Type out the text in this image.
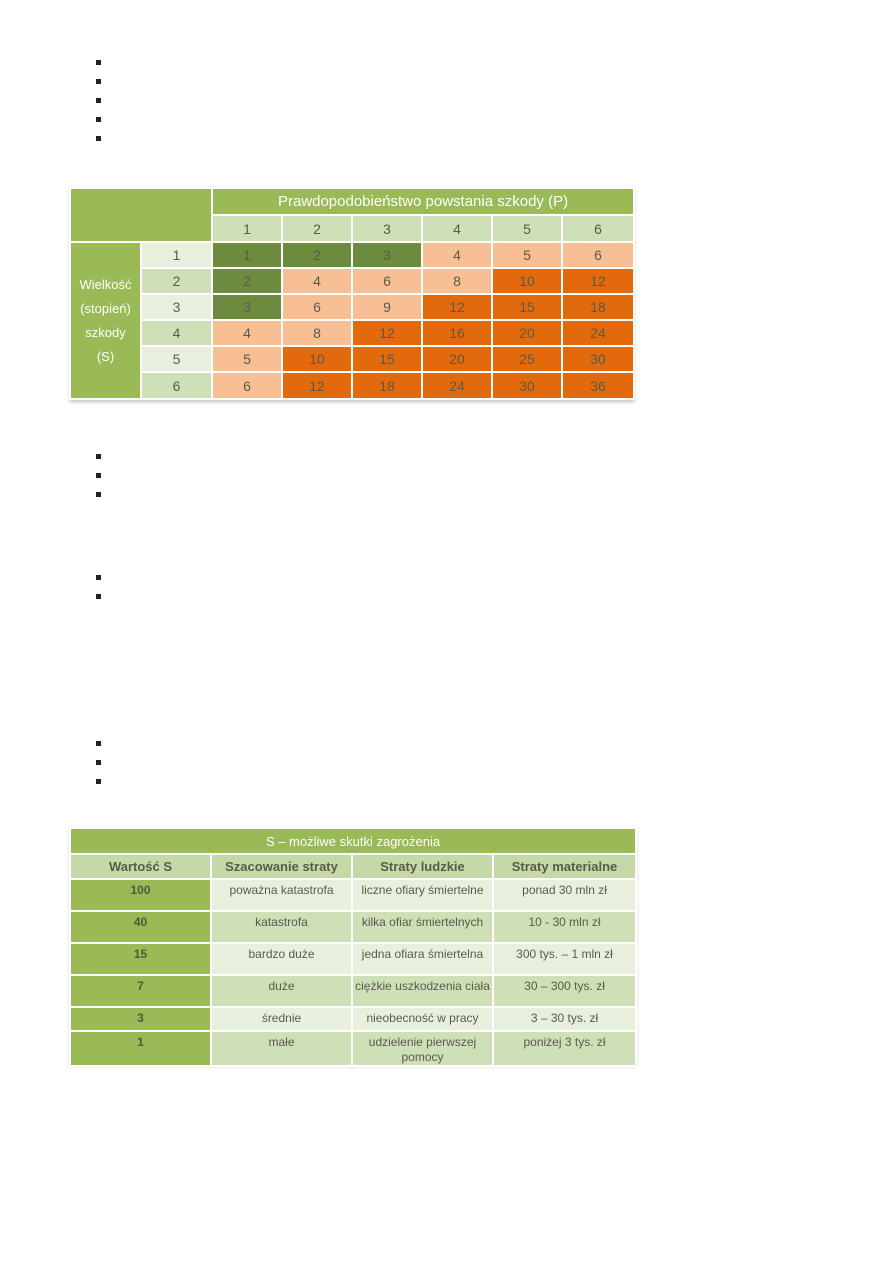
		Prawdopodobieństwo powstania szkody (P)					
		1	2	3	4	5	6

Wielkość
(stopień)
szkody
(S)	1	1	2	3	4	5	6
	2	2	4	6	8	10	12
	3	3	6	9	12	15	18
	4	4	8	12	16	20	24
	5	5	10	15	20	25	30
	6	6	12	18	24	30	36
S – możliwe skutki zagrożenia			
Wartość S	Szacowanie straty	Straty ludzkie	Straty materialne
100	poważna katastrofa	liczne ofiary śmiertelne	ponad 30 mln zł
40	katastrofa	kilka ofiar śmiertelnych	10 - 30 mln zł
15	bardzo duże	jedna ofiara śmiertelna	300 tys. – 1 mln zł
7	duże	ciężkie uszkodzenia ciała	30 – 300 tys. zł
3	średnie	nieobecność w pracy	3 – 30 tys. zł
1	małe	udzielenie pierwszej pomocy	poniżej 3 tys. zł
